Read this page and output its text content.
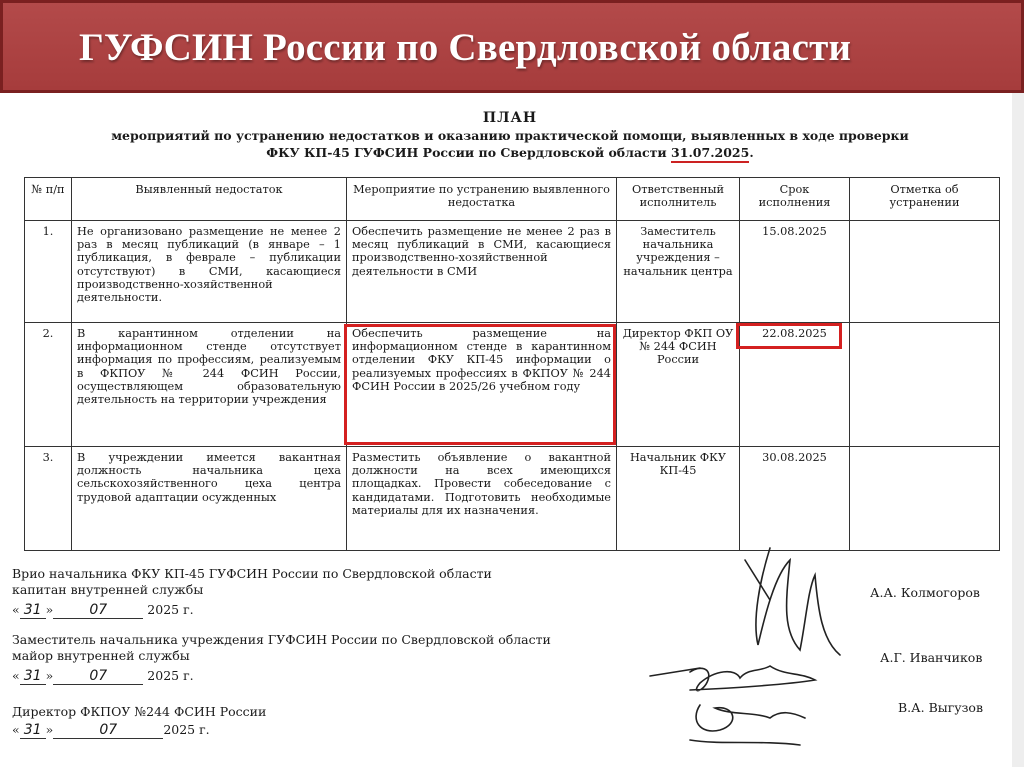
ГУФСИН России по Свердловской области
ПЛАН
мероприятий по устранению недостатков и оказанию практической помощи, выявленных в ходе проверки
ФКУ КП-45 ГУФСИН России по Свердловской области 31.07.2025.
№ п/п	Выявленный недостаток	Мероприятие по устранению выявленного недостатка	Ответственный исполнитель	Срок исполнения	Отметка об устранении
1.	Не организовано размещение не менее 2 раз в месяц публикаций (в январе – 1 публикация, в феврале – публикации отсутствуют) в СМИ, касающиеся производственно-хозяйственной деятельности.	Обеспечить размещение не менее 2 раз в месяц публикаций в СМИ, касающиеся производственно-хозяйственной деятельности в СМИ	Заместитель начальника учреждения – начальник центра	15.08.2025	
2.	В карантинном отделении на информационном стенде отсутствует информация по профессиям, реализуемым в ФКПОУ № 244 ФСИН России, осуществляющем образовательную деятельность на территории учреждения	Обеспечить размещение на информационном стенде в карантинном отделении ФКУ КП-45 информации о реализуемых профессиях в ФКПОУ № 244 ФСИН России в 2025/26 учебном году	Директор ФКП ОУ № 244 ФСИН России	22.08.2025	
3.	В учреждении имеется вакантная должность начальника цеха сельскохозяйственного цеха центра трудовой адаптации осужденных	Разместить объявление о вакантной должности на всех имеющихся площадках. Провести собеседование с кандидатами. Подготовить необходимые материалы для их назначения.	Начальник ФКУ КП-45	30.08.2025	
Врио начальника ФКУ КП-45 ГУФСИН России по Свердловской области
капитан внутренней службы
« 31 »	07	2025 г.
А.А. Колмогоров
Заместитель начальника учреждения ГУФСИН России по Свердловской области
майор внутренней службы
« 31 »	07	2025 г.
А.Г. Иванчиков
Директор ФКПОУ №244 ФСИН России
« 31 »	07	2025 г.
В.А. Выгузов
